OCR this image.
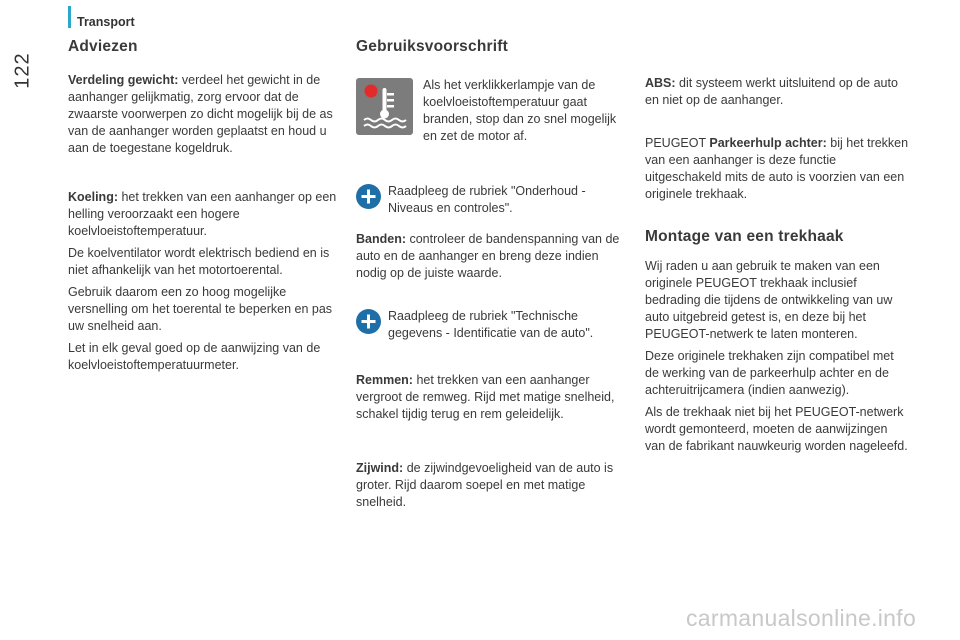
Transport
122
Adviezen

Verdeling gewicht: verdeel het gewicht in de aanhanger gelijkmatig, zorg ervoor dat de zwaarste voorwerpen zo dicht mogelijk bij de as van de aanhanger worden geplaatst en houd u aan de toegestane kogeldruk.

Koeling: het trekken van een aanhanger op een helling veroorzaakt een hogere koelvloeistoftemperatuur.

De koelventilator wordt elektrisch bediend en is niet afhankelijk van het motortoerental.

Gebruik daarom een zo hoog mogelijke versnelling om het toerental te beperken en pas uw snelheid aan.

Let in elk geval goed op de aanwijzing van de koelvloeistoftemperatuurmeter.

Gebruiksvoorschrift

Als het verklikkerlampje van de koelvloeistoftemperatuur gaat branden, stop dan zo snel mogelijk en zet de motor af.

Raadpleeg de rubriek "Onderhoud - Niveaus en controles".

Banden: controleer de bandenspanning van de auto en de aanhanger en breng deze indien nodig op de juiste waarde.

Raadpleeg de rubriek "Technische gegevens - Identificatie van de auto".

Remmen: het trekken van een aanhanger vergroot de remweg. Rijd met matige snelheid, schakel tijdig terug en rem geleidelijk.

Zijwind: de zijwindgevoeligheid van de auto is groter. Rijd daarom soepel en met matige snelheid.

ABS: dit systeem werkt uitsluitend op de auto en niet op de aanhanger.

PEUGEOT Parkeerhulp achter: bij het trekken van een aanhanger is deze functie uitgeschakeld mits de auto is voorzien van een originele trekhaak.

Montage van een trekhaak

Wij raden u aan gebruik te maken van een originele PEUGEOT trekhaak inclusief bedrading die tijdens de ontwikkeling van uw auto uitgebreid getest is, en deze bij het PEUGEOT-netwerk te laten monteren.

Deze originele trekhaken zijn compatibel met de werking van de parkeerhulp achter en de achteruitrijcamera (indien aanwezig).

Als de trekhaak niet bij het PEUGEOT-netwerk wordt gemonteerd, moeten de aanwijzingen van de fabrikant nauwkeurig worden nageleefd.

carmanualsonline.info
